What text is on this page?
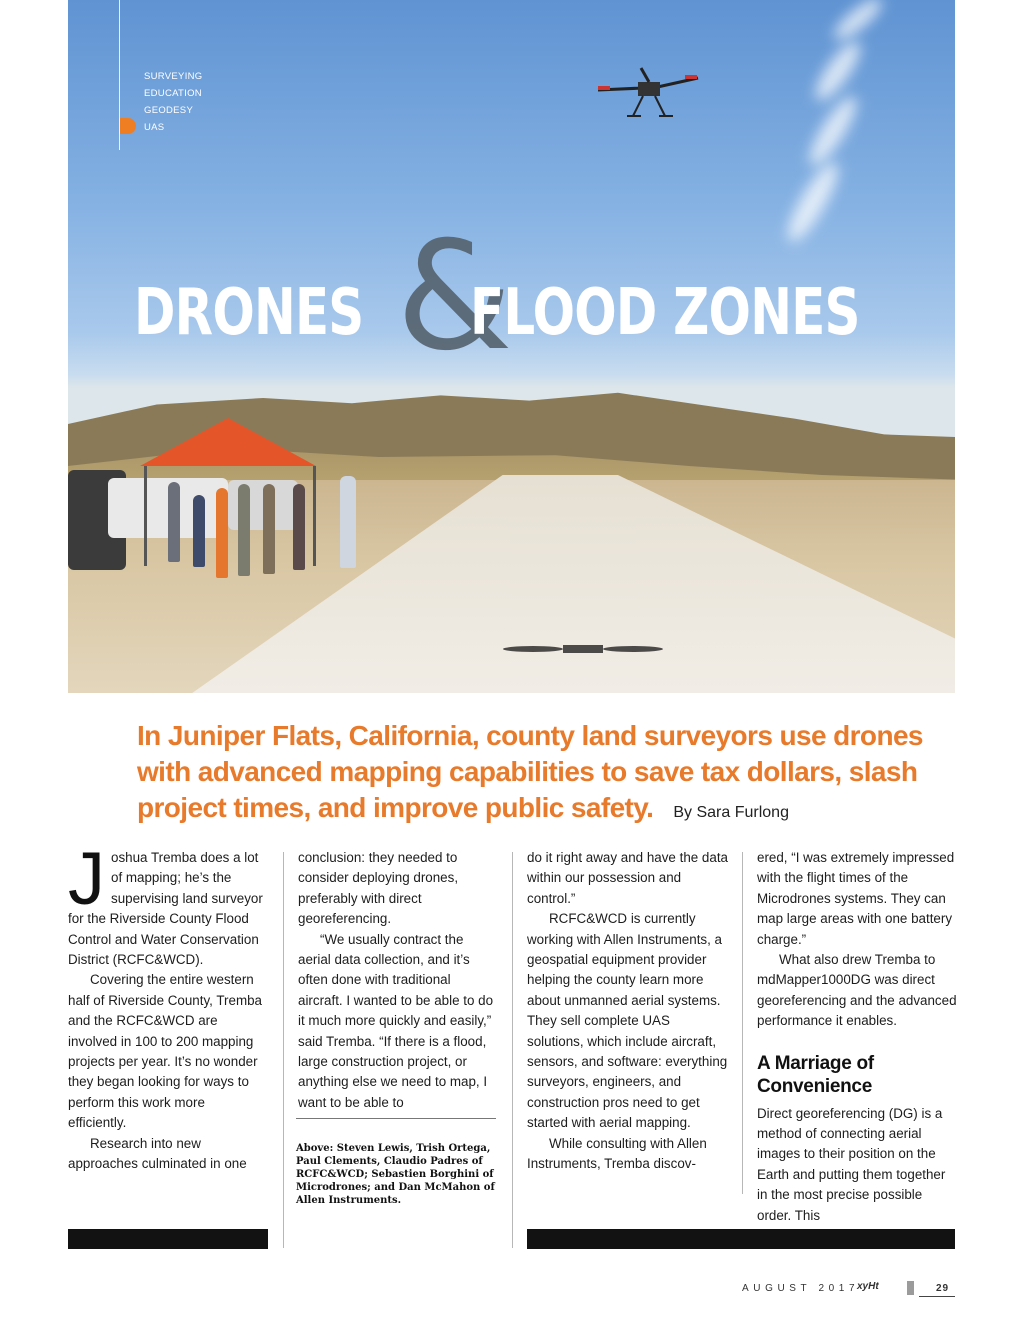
SURVEYING
EDUCATION
GEODESY
UAS
&
DRONES FLOOD ZONES
In Juniper Flats, California, county land surveyors use drones with advanced mapping capabilities to save tax dollars, slash project times, and improve public safety. By Sara Furlong

J oshua Tremba does a lot of mapping; he’s the supervising land surveyor for the Riverside County Flood Control and Water Conservation District (RCFC&WCD).

Covering the entire western half of Riverside County, Tremba and the RCFC&WCD are involved in 100 to 200 mapping projects per year. It’s no wonder they began looking for ways to perform this work more efficiently.

Research into new approaches culminated in one

conclusion: they needed to consider deploying drones, preferably with direct georeferencing.

“We usually contract the aerial data collection, and it’s often done with traditional aircraft. I wanted to be able to do it much more quickly and easily,” said Tremba. “If there is a flood, large construction project, or anything else we need to map, I want to be able to

Above: Steven Lewis, Trish Ortega, Paul Clements, Claudio Padres of RCFC&WCD; Sebastien Borghini of Microdrones; and Dan McMahon of Allen Instruments.

do it right away and have the data within our possession and control.”

RCFC&WCD is currently working with Allen Instruments, a geospatial equipment provider helping the county learn more about unmanned aerial systems. They sell complete UAS solutions, which include aircraft, sensors, and software: everything surveyors, engineers, and construction pros need to get started with aerial mapping.

While consulting with Allen Instruments, Tremba discov-

ered, “I was extremely impressed with the flight times of the Microdrones systems. They can map large areas with one battery charge.”

What also drew Tremba to mdMapper1000DG was direct georeferencing and the advanced performance it enables.

A Marriage of Convenience

Direct georeferencing (DG) is a method of connecting aerial images to their position on the Earth and putting them together in the most precise possible order. This

AUGUST 2017
xyHt	29
